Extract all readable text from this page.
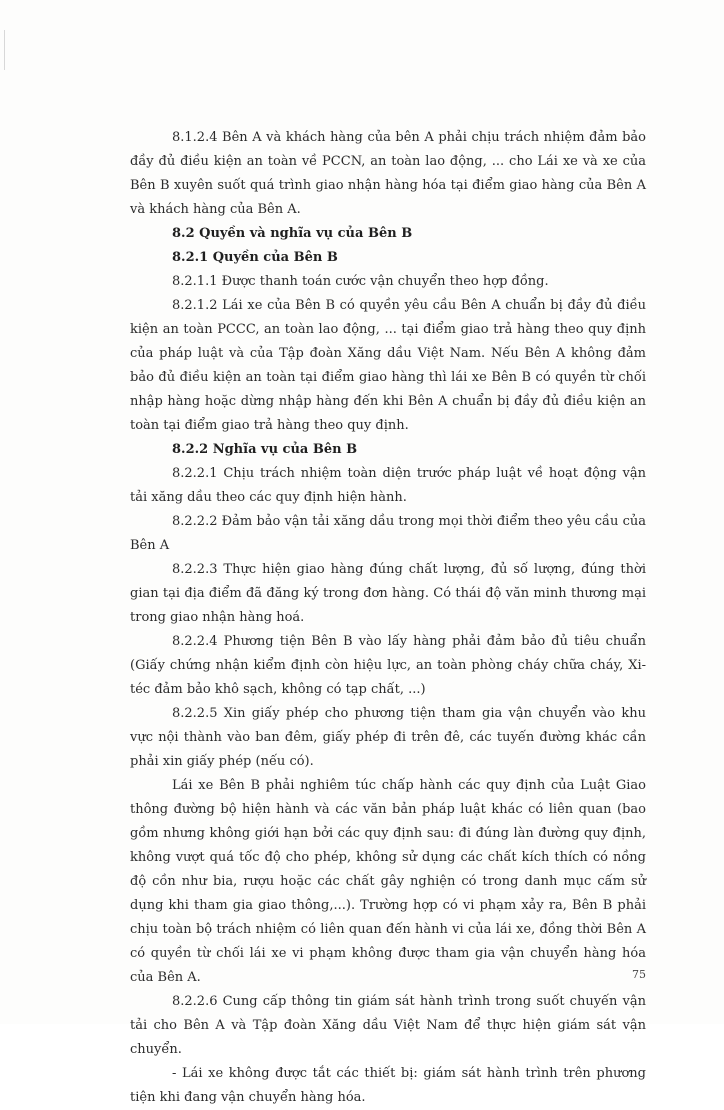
8.1.2.4 Bên A và khách hàng của bên A phải chịu trách nhiệm đảm bảo đầy đủ điều kiện an toàn về PCCN, an toàn lao động, ... cho Lái xe và xe của Bên B xuyên suốt quá trình giao nhận hàng hóa tại điểm giao hàng của Bên A và khách hàng của Bên A.

8.2 Quyền và nghĩa vụ của Bên B

8.2.1 Quyền của Bên B

8.2.1.1 Được thanh toán cước vận chuyển theo hợp đồng.

8.2.1.2 Lái xe của Bên B có quyền yêu cầu Bên A chuẩn bị đầy đủ điều kiện an toàn PCCC, an toàn lao động, ... tại điểm giao trả hàng theo quy định của pháp luật và của Tập đoàn Xăng dầu Việt Nam. Nếu Bên A không đảm bảo đủ điều kiện an toàn tại điểm giao hàng thì lái xe Bên B có quyền từ chối nhập hàng hoặc dừng nhập hàng đến khi Bên A chuẩn bị đầy đủ điều kiện an toàn tại điểm giao trả hàng theo quy định.

8.2.2 Nghĩa vụ của Bên B

8.2.2.1 Chịu trách nhiệm toàn diện trước pháp luật về hoạt động vận tải xăng dầu theo các quy định hiện hành.

8.2.2.2 Đảm bảo vận tải xăng dầu trong mọi thời điểm theo yêu cầu của Bên A

8.2.2.3 Thực hiện giao hàng đúng chất lượng, đủ số lượng, đúng thời gian tại địa điểm đã đăng ký trong đơn hàng. Có thái độ văn minh thương mại trong giao nhận hàng hoá.

8.2.2.4 Phương tiện Bên B vào lấy hàng phải đảm bảo đủ tiêu chuẩn (Giấy chứng nhận kiểm định còn hiệu lực, an toàn phòng cháy chữa cháy, Xi-téc đảm bảo khô sạch, không có tạp chất, ...)

8.2.2.5 Xin giấy phép cho phương tiện tham gia vận chuyển vào khu vực nội thành vào ban đêm, giấy phép đi trên đê, các tuyến đường khác cần phải xin giấy phép (nếu có).

Lái xe Bên B phải nghiêm túc chấp hành các quy định của Luật Giao thông đường bộ hiện hành và các văn bản pháp luật khác có liên quan (bao gồm nhưng không giới hạn bởi các quy định sau: đi đúng làn đường quy định, không vượt quá tốc độ cho phép, không sử dụng các chất kích thích có nồng độ cồn như bia, rượu hoặc các chất gây nghiện có trong danh mục cấm sử dụng khi tham gia giao thông,...). Trường hợp có vi phạm xảy ra, Bên B phải chịu toàn bộ trách nhiệm có liên quan đến hành vi của lái xe, đồng thời Bên A có quyền từ chối lái xe vi phạm không được tham gia vận chuyển hàng hóa của Bên A.

8.2.2.6 Cung cấp thông tin giám sát hành trình trong suốt chuyến vận tải cho Bên A và Tập đoàn Xăng dầu Việt Nam để thực hiện giám sát vận chuyển.

- Lái xe không được tắt các thiết bị: giám sát hành trình trên phương tiện khi đang vận chuyển hàng hóa.

75
